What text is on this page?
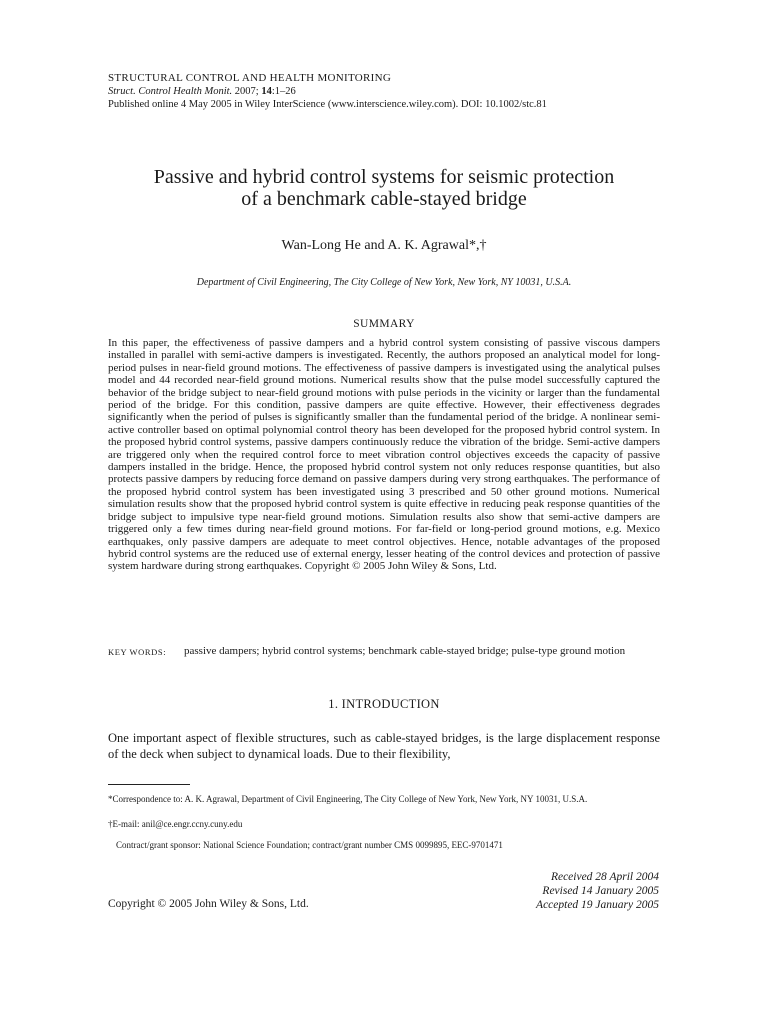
STRUCTURAL CONTROL AND HEALTH MONITORING
Struct. Control Health Monit. 2007; 14:1–26
Published online 4 May 2005 in Wiley InterScience (www.interscience.wiley.com). DOI: 10.1002/stc.81
Passive and hybrid control systems for seismic protection
of a benchmark cable-stayed bridge
Wan-Long He and A. K. Agrawal*,†
Department of Civil Engineering, The City College of New York, New York, NY 10031, U.S.A.
SUMMARY
In this paper, the effectiveness of passive dampers and a hybrid control system consisting of passive viscous dampers installed in parallel with semi-active dampers is investigated. Recently, the authors proposed an analytical model for long-period pulses in near-field ground motions. The effectiveness of passive dampers is investigated using the analytical pulses model and 44 recorded near-field ground motions. Numerical results show that the pulse model successfully captured the behavior of the bridge subject to near-field ground motions with pulse periods in the vicinity or larger than the fundamental period of the bridge. For this condition, passive dampers are quite effective. However, their effectiveness degrades significantly when the period of pulses is significantly smaller than the fundamental period of the bridge. A nonlinear semi-active controller based on optimal polynomial control theory has been developed for the proposed hybrid control system. In the proposed hybrid control systems, passive dampers continuously reduce the vibration of the bridge. Semi-active dampers are triggered only when the required control force to meet vibration control objectives exceeds the capacity of passive dampers installed in the bridge. Hence, the proposed hybrid control system not only reduces response quantities, but also protects passive dampers by reducing force demand on passive dampers during very strong earthquakes. The performance of the proposed hybrid control system has been investigated using 3 prescribed and 50 other ground motions. Numerical simulation results show that the proposed hybrid control system is quite effective in reducing peak response quantities of the bridge subject to impulsive type near-field ground motions. Simulation results also show that semi-active dampers are triggered only a few times during near-field ground motions. For far-field or long-period ground motions, e.g. Mexico earthquakes, only passive dampers are adequate to meet control objectives. Hence, notable advantages of the proposed hybrid control systems are the reduced use of external energy, lesser heating of the control devices and protection of passive system hardware during strong earthquakes. Copyright © 2005 John Wiley & Sons, Ltd.
KEY WORDS:	passive dampers; hybrid control systems; benchmark cable-stayed bridge; pulse-type ground motion
1. INTRODUCTION
One important aspect of flexible structures, such as cable-stayed bridges, is the large displacement response of the deck when subject to dynamical loads. Due to their flexibility,
*Correspondence to: A. K. Agrawal, Department of Civil Engineering, The City College of New York, New York, NY 10031, U.S.A.
†E-mail: anil@ce.engr.ccny.cuny.edu
Contract/grant sponsor: National Science Foundation; contract/grant number CMS 0099895, EEC-9701471
Copyright © 2005 John Wiley & Sons, Ltd.
Received 28 April 2004
Revised 14 January 2005
Accepted 19 January 2005
